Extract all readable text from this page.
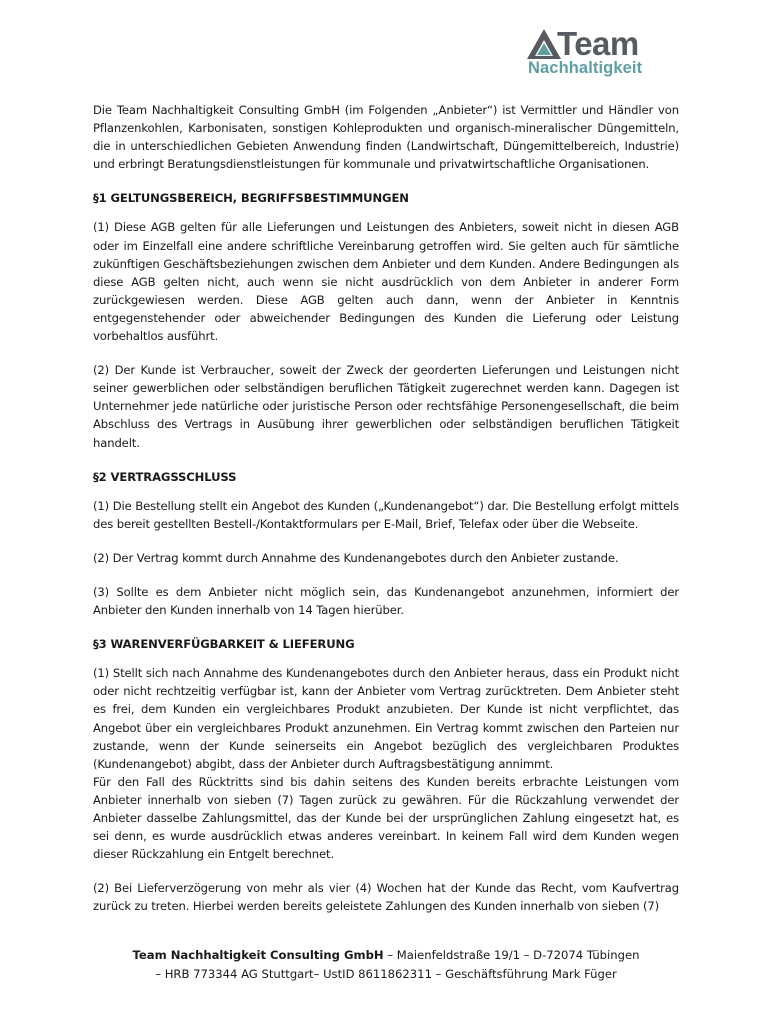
Team
Nachhaltigkeit

Die Team Nachhaltigkeit Consulting GmbH (im Folgenden „Anbieter“) ist Vermittler und Händler von Pflanzenkohlen, Karbonisaten, sonstigen Kohleprodukten und organisch-mineralischer Düngemitteln, die in unterschiedlichen Gebieten Anwendung finden (Landwirtschaft, Düngemittelbereich, Industrie) und erbringt Beratungsdienstleistungen für kommunale und privatwirtschaftliche Organisationen.

§1 GELTUNGSBEREICH, BEGRIFFSBESTIMMUNGEN

(1) Diese AGB gelten für alle Lieferungen und Leistungen des Anbieters, soweit nicht in diesen AGB oder im Einzelfall eine andere schriftliche Vereinbarung getroffen wird. Sie gelten auch für sämtliche zukünftigen Geschäftsbeziehungen zwischen dem Anbieter und dem Kunden. Andere Bedingungen als diese AGB gelten nicht, auch wenn sie nicht ausdrücklich von dem Anbieter in anderer Form zurückgewiesen werden. Diese AGB gelten auch dann, wenn der Anbieter in Kenntnis entgegenstehender oder abweichender Bedingungen des Kunden die Lieferung oder Leistung vorbehaltlos ausführt.

(2) Der Kunde ist Verbraucher, soweit der Zweck der georderten Lieferungen und Leistungen nicht seiner gewerblichen oder selbständigen beruflichen Tätigkeit zugerechnet werden kann. Dagegen ist Unternehmer jede natürliche oder juristische Person oder rechtsfähige Personengesellschaft, die beim Abschluss des Vertrags in Ausübung ihrer gewerblichen oder selbständigen beruflichen Tätigkeit handelt.

§2 VERTRAGSSCHLUSS

(1) Die Bestellung stellt ein Angebot des Kunden („Kundenangebot“) dar. Die Bestellung erfolgt mittels des bereit gestellten Bestell-/Kontaktformulars per E-Mail, Brief, Telefax oder über die Webseite.

(2) Der Vertrag kommt durch Annahme des Kundenangebotes durch den Anbieter zustande.

(3) Sollte es dem Anbieter nicht möglich sein, das Kundenangebot anzunehmen, informiert der Anbieter den Kunden innerhalb von 14 Tagen hierüber.

§3 WARENVERFÜGBARKEIT & LIEFERUNG

(1) Stellt sich nach Annahme des Kundenangebotes durch den Anbieter heraus, dass ein Produkt nicht oder nicht rechtzeitig verfügbar ist, kann der Anbieter vom Vertrag zurücktreten. Dem Anbieter steht es frei, dem Kunden ein vergleichbares Produkt anzubieten. Der Kunde ist nicht verpflichtet, das Angebot über ein vergleichbares Produkt anzunehmen. Ein Vertrag kommt zwischen den Parteien nur zustande, wenn der Kunde seinerseits ein Angebot bezüglich des vergleichbaren Produktes (Kundenangebot) abgibt, dass der Anbieter durch Auftragsbestätigung annimmt.

Für den Fall des Rücktritts sind bis dahin seitens des Kunden bereits erbrachte Leistungen vom Anbieter innerhalb von sieben (7) Tagen zurück zu gewähren. Für die Rückzahlung verwendet der Anbieter dasselbe Zahlungsmittel, das der Kunde bei der ursprünglichen Zahlung eingesetzt hat, es sei denn, es wurde ausdrücklich etwas anderes vereinbart. In keinem Fall wird dem Kunden wegen dieser Rückzahlung ein Entgelt berechnet.

(2) Bei Lieferverzögerung von mehr als vier (4) Wochen hat der Kunde das Recht, vom Kaufvertrag zurück zu treten. Hierbei werden bereits geleistete Zahlungen des Kunden innerhalb von sieben (7)

Team Nachhaltigkeit Consulting GmbH – Maienfeldstraße 19/1 – D-72074 Tübingen
– HRB 773344 AG Stuttgart– UstID 8611862311 – Geschäftsführung Mark Füger
